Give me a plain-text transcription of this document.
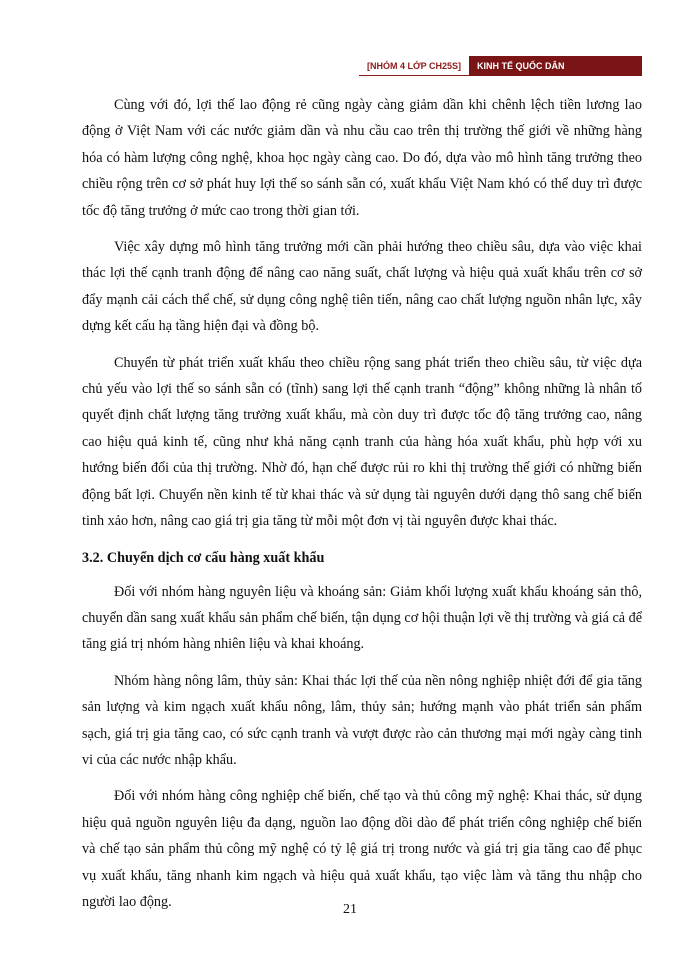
[NHÓM 4 LỚP CH25S]	KINH TẾ QUỐC DÂN

Cùng với đó, lợi thế lao động rẻ cũng ngày càng giảm dần khi chênh lệch tiền lương lao động ở Việt Nam với các nước giảm dần và nhu cầu cao trên thị trường thế giới về những hàng hóa có hàm lượng công nghệ, khoa học ngày càng cao. Do đó, dựa vào mô hình tăng trưởng theo chiều rộng trên cơ sở phát huy lợi thế so sánh sẵn có, xuất khẩu Việt Nam khó có thể duy trì được tốc độ tăng trưởng ở mức cao trong thời gian tới.

Việc xây dựng mô hình tăng trưởng mới cần phải hướng theo chiều sâu, dựa vào việc khai thác lợi thế cạnh tranh động để nâng cao năng suất, chất lượng và hiệu quả xuất khẩu trên cơ sở đẩy mạnh cải cách thể chế, sử dụng công nghệ tiên tiến, nâng cao chất lượng nguồn nhân lực, xây dựng kết cấu hạ tầng hiện đại và đồng bộ.

Chuyển từ phát triển xuất khẩu theo chiều rộng sang phát triển theo chiều sâu, từ việc dựa chủ yếu vào lợi thế so sánh sẵn có (tĩnh) sang lợi thế cạnh tranh “động” không những là nhân tố quyết định chất lượng tăng trưởng xuất khẩu, mà còn duy trì được tốc độ tăng trưởng cao, nâng cao hiệu quả kinh tế, cũng như khả năng cạnh tranh của hàng hóa xuất khẩu, phù hợp với xu hướng biến đổi của thị trường. Nhờ đó, hạn chế được rủi ro khi thị trường thế giới có những biến động bất lợi. Chuyển nền kinh tế từ khai thác và sử dụng tài nguyên dưới dạng thô sang chế biến tinh xảo hơn, nâng cao giá trị gia tăng từ mỗi một đơn vị tài nguyên được khai thác.

3.2. Chuyển dịch cơ cấu hàng xuất khẩu

Đối với nhóm hàng nguyên liệu và khoáng sản: Giảm khối lượng xuất khẩu khoáng sản thô, chuyển dần sang xuất khẩu sản phẩm chế biến, tận dụng cơ hội thuận lợi về thị trường và giá cả để tăng giá trị nhóm hàng nhiên liệu và khai khoáng.

Nhóm hàng nông lâm, thủy sản: Khai thác lợi thế của nền nông nghiệp nhiệt đới để gia tăng sản lượng và kim ngạch xuất khẩu nông, lâm, thủy sản; hướng mạnh vào phát triển sản phẩm sạch, giá trị gia tăng cao, có sức cạnh tranh và vượt được rào cản thương mại mới ngày càng tinh vi của các nước nhập khẩu.

Đối với nhóm hàng công nghiệp chế biến, chế tạo và thủ công mỹ nghệ: Khai thác, sử dụng hiệu quả nguồn nguyên liệu đa dạng, nguồn lao động dồi dào để phát triển công nghiệp chế biến và chế tạo sản phẩm thủ công mỹ nghệ có tỷ lệ giá trị trong nước và giá trị gia tăng cao để phục vụ xuất khẩu, tăng nhanh kim ngạch và hiệu quả xuất khẩu, tạo việc làm và tăng thu nhập cho người lao động.	21
